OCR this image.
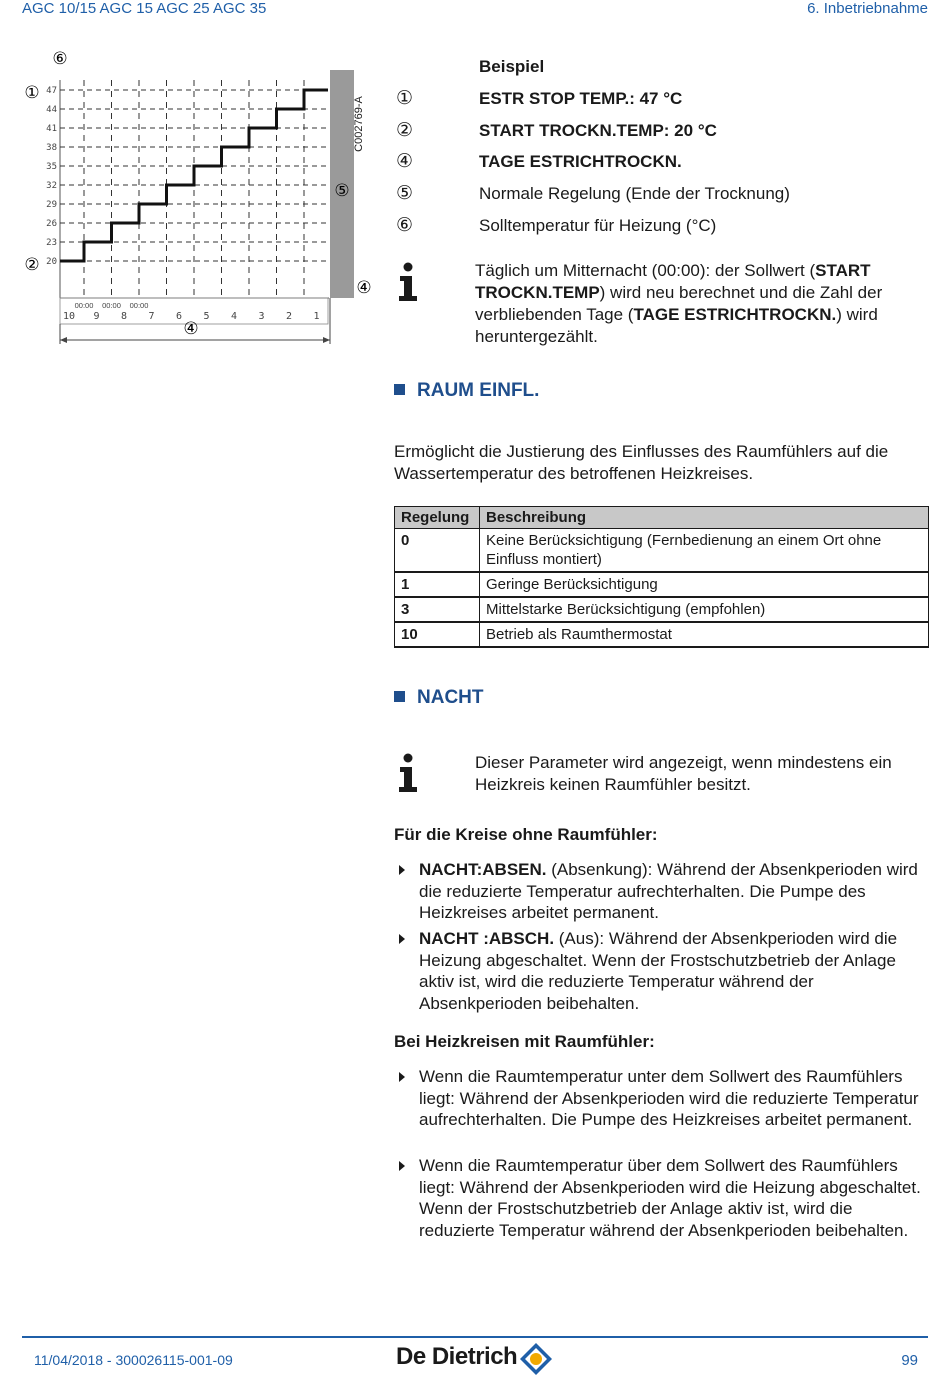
AGC 10/15 AGC 15 AGC 25 AGC 35	6. Inbetriebnahme
47
44
41
38
35
32
29
26
23
20
10 9 8 7 6 5 4 3 2 1
00:00 00:00 00:00
C002769-A
①
②
⑥
⑤
④
④
Beispiel
①	ESTR STOP TEMP.: 47 °C
②	START TROCKN.TEMP: 20 °C
④	TAGE ESTRICHTROCKN.
⑤	Normale Regelung (Ende der Trocknung)
⑥	Solltemperatur für Heizung (°C)
Täglich um Mitternacht (00:00): der Sollwert (START TROCKN.TEMP) wird neu berechnet und die Zahl der verbliebenden Tage (TAGE ESTRICHTROCKN.) wird heruntergezählt.
RAUM EINFL.
Ermöglicht die Justierung des Einflusses des Raumfühlers auf die Wassertemperatur des betroffenen Heizkreises.
Regelung	Beschreibung
0	Keine Berücksichtigung (Fernbedienung an einem Ort ohne Einfluss montiert)
1	Geringe Berücksichtigung
3	Mittelstarke Berücksichtigung (empfohlen)
10	Betrieb als Raumthermostat
NACHT
Dieser Parameter wird angezeigt, wenn mindestens ein Heizkreis keinen Raumfühler besitzt.
Für die Kreise ohne Raumfühler:
NACHT:ABSEN. (Absenkung): Während der Absenkperioden wird die reduzierte Temperatur aufrechterhalten. Die Pumpe des Heizkreises arbeitet permanent.
NACHT :ABSCH. (Aus): Während der Absenkperioden wird die Heizung abgeschaltet. Wenn der Frostschutzbetrieb der Anlage aktiv ist, wird die reduzierte Temperatur während der Absenkperioden beibehalten.
Bei Heizkreisen mit Raumfühler:
Wenn die Raumtemperatur unter dem Sollwert des Raumfühlers liegt: Während der Absenkperioden wird die reduzierte Temperatur aufrechterhalten. Die Pumpe des Heizkreises arbeitet permanent.
Wenn die Raumtemperatur über dem Sollwert des Raumfühlers liegt: Während der Absenkperioden wird die Heizung abgeschaltet. Wenn der Frostschutzbetrieb der Anlage aktiv ist, wird die reduzierte Temperatur während der Absenkperioden beibehalten.
11/04/2018 - 300026115-001-09	De Dietrich	99
